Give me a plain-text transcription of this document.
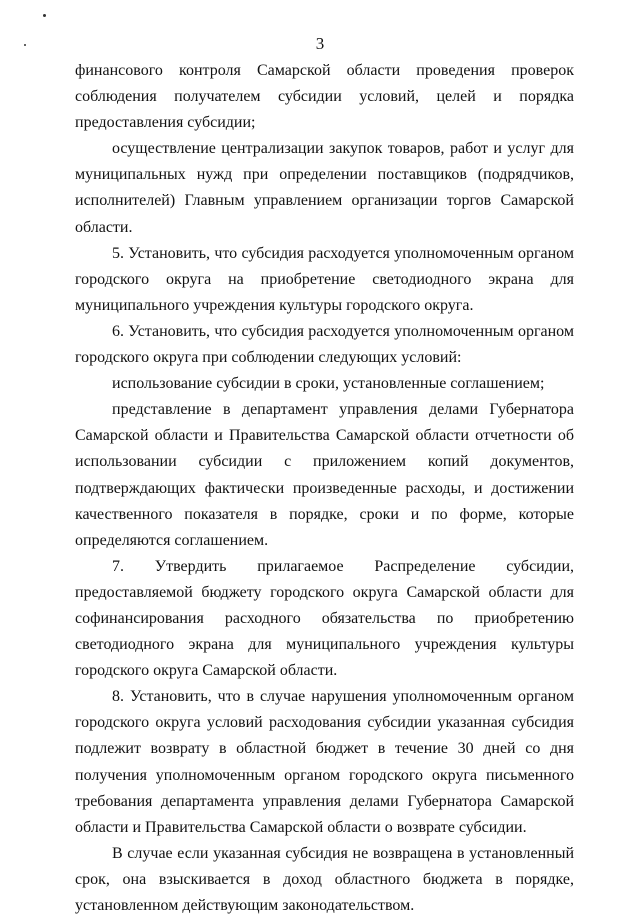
3

финансового контроля Самарской области проведения проверок соблюдения получателем субсидии условий, целей и порядка предоставления субсидии;

осуществление централизации закупок товаров, работ и услуг для муниципальных нужд при определении поставщиков (подрядчиков, исполнителей) Главным управлением организации торгов Самарской области.

5. Установить, что субсидия расходуется уполномоченным органом городского округа на приобретение светодиодного экрана для муниципального учреждения культуры городского округа.

6. Установить, что субсидия расходуется уполномоченным органом городского округа при соблюдении следующих условий:

использование субсидии в сроки, установленные соглашением;

представление в департамент управления делами Губернатора Самарской области и Правительства Самарской области отчетности об использовании субсидии с приложением копий документов, подтверждающих фактически произведенные расходы, и достижении качественного показателя в порядке, сроки и по форме, которые определяются соглашением.

7. Утвердить прилагаемое Распределение субсидии, предоставляемой бюджету городского округа Самарской области для софинансирования расходного обязательства по приобретению светодиодного экрана для муниципального учреждения культуры городского округа Самарской области.

8. Установить, что в случае нарушения уполномоченным органом городского округа условий расходования субсидии указанная субсидия подлежит возврату в областной бюджет в течение 30 дней со дня получения уполномоченным органом городского округа письменного требования департамента управления делами Губернатора Самарской области и Правительства Самарской области о возврате субсидии.

В случае если указанная субсидия не возвращена в установленный срок, она взыскивается в доход областного бюджета в порядке, установленном действующим законодательством.
